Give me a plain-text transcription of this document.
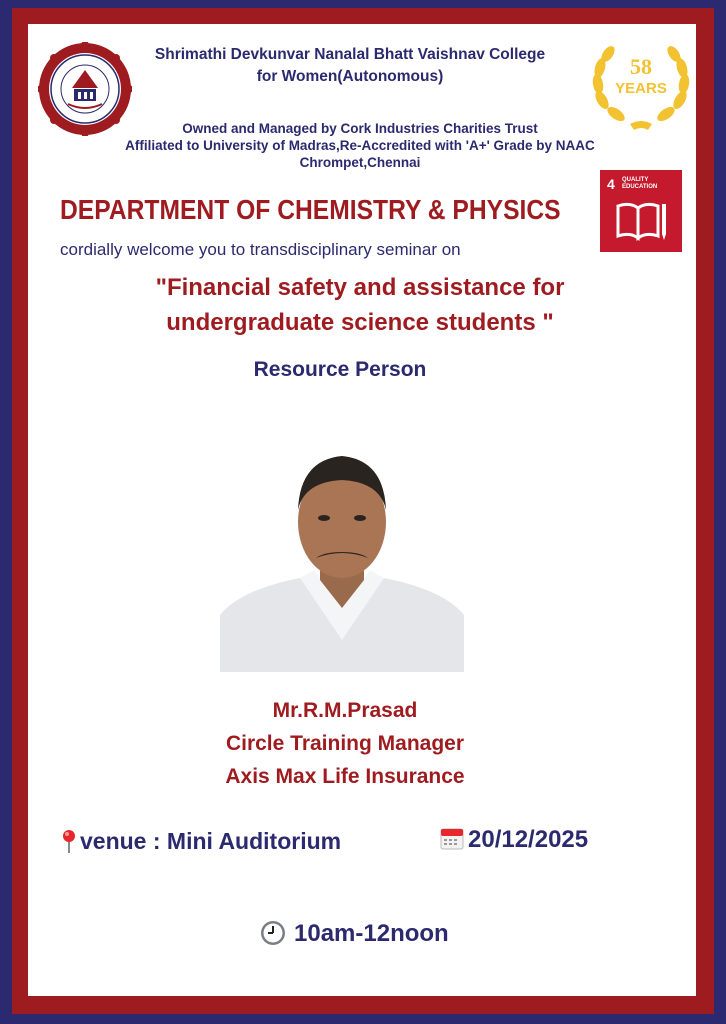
58
YEARS
Shrimathi Devkunvar Nanalal Bhatt Vaishnav College
for Women(Autonomous)
Owned and Managed by Cork Industries Charities Trust
Affiliated to University of Madras,Re-Accredited with 'A+' Grade by NAAC
Chrompet,Chennai
4 QUALITY
EDUCATION
DEPARTMENT OF CHEMISTRY & PHYSICS
cordially welcome you to transdisciplinary seminar on
"Financial safety and assistance for
undergraduate science students "
Resource Person
Mr.R.M.Prasad
Circle Training Manager
Axis Max Life Insurance
venue : Mini Auditorium	20/12/2025
10am-12noon
